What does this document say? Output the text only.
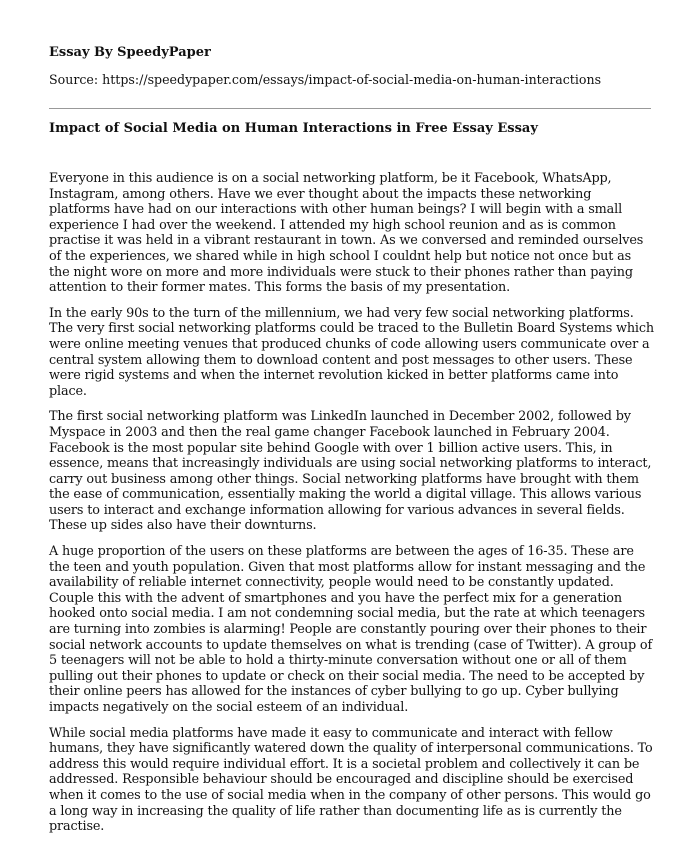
Essay By SpeedyPaper
Source: https://speedypaper.com/essays/impact-of-social-media-on-human-interactions
Impact of Social Media on Human Interactions in Free Essay Essay

Everyone in this audience is on a social networking platform, be it Facebook, WhatsApp, Instagram, among others. Have we ever thought about the impacts these networking platforms have had on our interactions with other human beings? I will begin with a small experience I had over the weekend. I attended my high school reunion and as is common practise it was held in a vibrant restaurant in town. As we conversed and reminded ourselves of the experiences, we shared while in high school I couldnt help but notice not once but as the night wore on more and more individuals were stuck to their phones rather than paying attention to their former mates. This forms the basis of my presentation.

In the early 90s to the turn of the millennium, we had very few social networking platforms. The very first social networking platforms could be traced to the Bulletin Board Systems which were online meeting venues that produced chunks of code allowing users communicate over a central system allowing them to download content and post messages to other users. These were rigid systems and when the internet revolution kicked in better platforms came into place.

The first social networking platform was LinkedIn launched in December 2002, followed by Myspace in 2003 and then the real game changer Facebook launched in February 2004. Facebook is the most popular site behind Google with over 1 billion active users. This, in essence, means that increasingly individuals are using social networking platforms to interact, carry out business among other things. Social networking platforms have brought with them the ease of communication, essentially making the world a digital village. This allows various users to interact and exchange information allowing for various advances in several fields. These up sides also have their downturns.

A huge proportion of the users on these platforms are between the ages of 16-35. These are the teen and youth population. Given that most platforms allow for instant messaging and the availability of reliable internet connectivity, people would need to be constantly updated. Couple this with the advent of smartphones and you have the perfect mix for a generation hooked onto social media. I am not condemning social media, but the rate at which teenagers are turning into zombies is alarming! People are constantly pouring over their phones to their social network accounts to update themselves on what is trending (case of Twitter). A group of 5 teenagers will not be able to hold a thirty-minute conversation without one or all of them pulling out their phones to update or check on their social media. The need to be accepted by their online peers has allowed for the instances of cyber bullying to go up. Cyber bullying impacts negatively on the social esteem of an individual.

While social media platforms have made it easy to communicate and interact with fellow humans, they have significantly watered down the quality of interpersonal communications. To address this would require individual effort. It is a societal problem and collectively it can be addressed. Responsible behaviour should be encouraged and discipline should be exercised when it comes to the use of social media when in the company of other persons. This would go a long way in increasing the quality of life rather than documenting life as is currently the practise.
